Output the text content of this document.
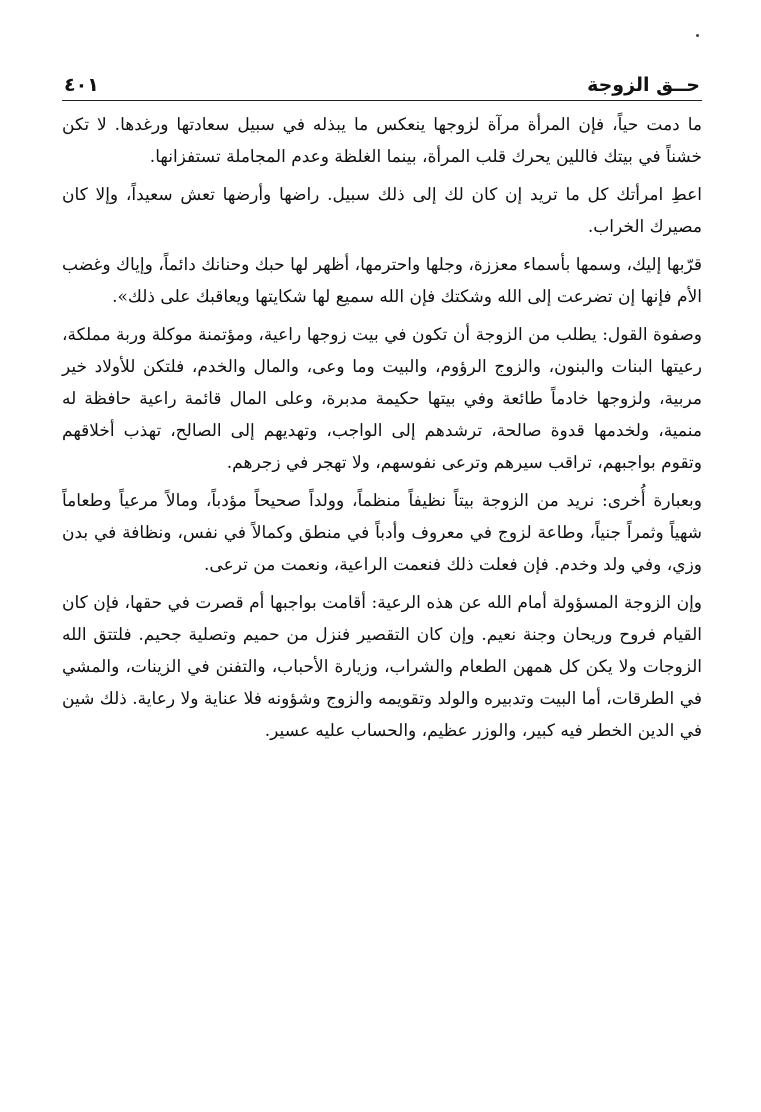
حــق الزوجة
٤٠١

ما دمت حياً، فإن المرأة مرآة لزوجها ينعكس ما يبذله في سبيل سعادتها ورغدها. لا تكن خشناً في بيتك فاللين يحرك قلب المرأة، بينما الغلظة وعدم المجاملة تستفزانها.

اعطِ امرأتك كل ما تريد إن كان لك إلى ذلك سبيل. راضها وأرضها تعش سعيداً، وإلا كان مصيرك الخراب.

قرّبها إليك، وسمها بأسماء معززة، وجلها واحترمها، أظهر لها حبك وحنانك دائماً، وإياك وغضب الأم فإنها إن تضرعت إلى الله وشكتك فإن الله سميع لها شكايتها ويعاقبك على ذلك».

وصفوة القول: يطلب من الزوجة أن تكون في بيت زوجها راعية، ومؤتمنة موكلة وربة مملكة، رعيتها البنات والبنون، والزوج الرؤوم، والبيت وما وعى، والمال والخدم، فلتكن للأولاد خير مربية، ولزوجها خادماً طائعة وفي بيتها حكيمة مدبرة، وعلى المال قائمة راعية حافظة له منمية، ولخدمها قدوة صالحة، ترشدهم إلى الواجب، وتهديهم إلى الصالح، تهذب أخلاقهم وتقوم بواجبهم، تراقب سيرهم وترعى نفوسهم، ولا تهجر في زجرهم.

وبعبارة أُخرى: نريد من الزوجة بيتاً نظيفاً منظماً، وولداً صحيحاً مؤدباً، ومالاً مرعياً وطعاماً شهياً وثمراً جنياً، وطاعة لزوج في معروف وأدباً في منطق وكمالاً في نفس، ونظافة في بدن وزي، وفي ولد وخدم. فإن فعلت ذلك فنعمت الراعية، ونعمت من ترعى.

وإن الزوجة المسؤولة أمام الله عن هذه الرعية: أقامت بواجبها أم قصرت في حقها، فإن كان القيام فروح وريحان وجنة نعيم. وإن كان التقصير فنزل من حميم وتصلية جحيم. فلتتق الله الزوجات ولا يكن كل همهن الطعام والشراب، وزيارة الأحباب، والتفنن في الزينات، والمشي في الطرقات، أما البيت وتدبيره والولد وتقويمه والزوج وشؤونه فلا عناية ولا رعاية. ذلك شين في الدين الخطر فيه كبير، والوزر عظيم، والحساب عليه عسير.
